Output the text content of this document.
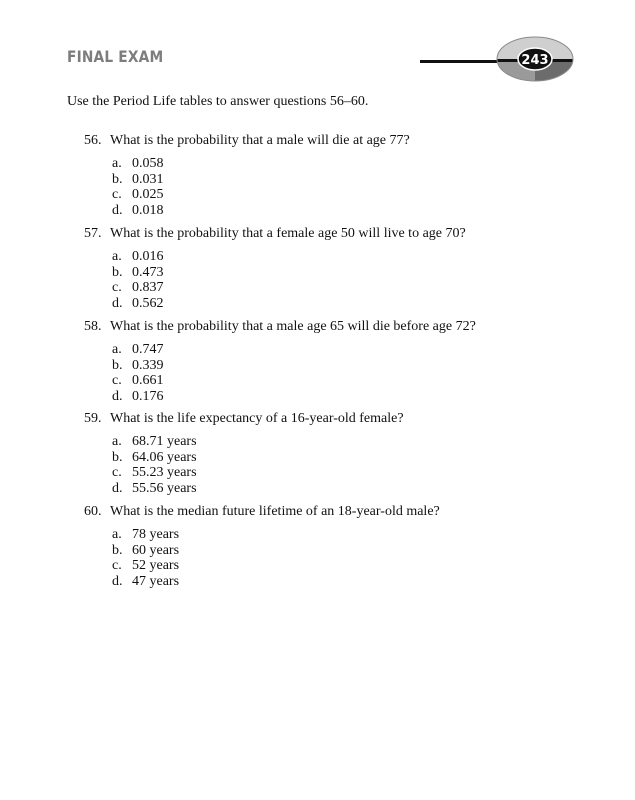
FINAL EXAM	243
Use the Period Life tables to answer questions 56–60.
56. What is the probability that a male will die at age 77?
a. 0.058
b. 0.031
c. 0.025
d. 0.018
57. What is the probability that a female age 50 will live to age 70?
a. 0.016
b. 0.473
c. 0.837
d. 0.562
58. What is the probability that a male age 65 will die before age 72?
a. 0.747
b. 0.339
c. 0.661
d. 0.176
59. What is the life expectancy of a 16-year-old female?
a. 68.71 years
b. 64.06 years
c. 55.23 years
d. 55.56 years
60. What is the median future lifetime of an 18-year-old male?
a. 78 years
b. 60 years
c. 52 years
d. 47 years
